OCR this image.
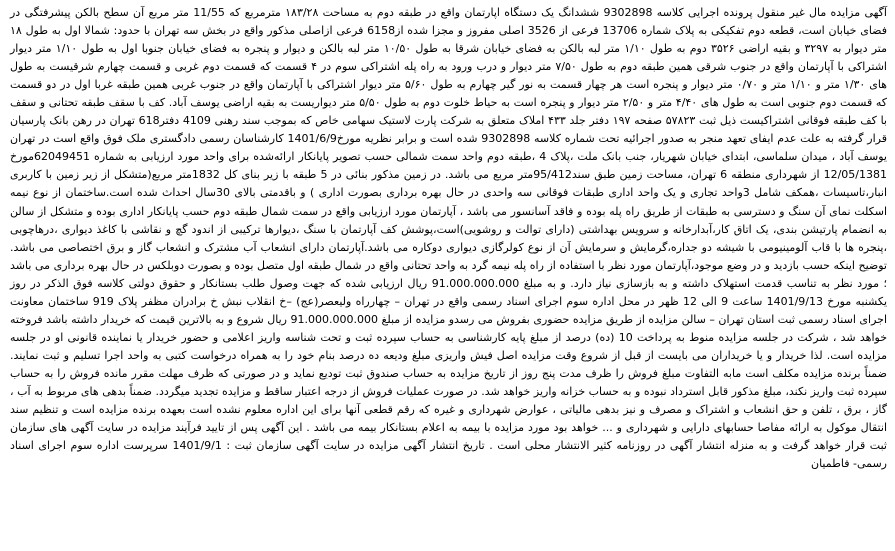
آگهی مزایده مال غیر منقول پرونده اجرایی کلاسه 9302898 ششدانگ یک دستگاه اپارتمان واقع در طبقه دوم به مساحت ۱۸۳/۲۸ مترمربع که 11/55 متر مربع آن سطح بالکن پیشرفتگی در فضای خیابان است، قطعه دوم تفکیکی به پلاک شماره 13706 فرعی از 3526 اصلی مفروز و مجزا شده از6158 فرعی ازاصلی مذکور واقع در بخش سه تهران با حدود: شمالا اول به طول ۱۸ متر دیوار به ۳۲۹۷ و بقیه اراضی ۳۵۲۶ دوم به طول ۱/۱۰ متر لبه بالکن به فضای خیابان شرقا به طول ۱۰/۵۰ متر لبه بالکن و دیوار و پنجره به فضای خیابان جنوبا اول به طول ۱/۱۰ متر دیوار اشتراکی با آپارتمان واقع در جنوب شرقی همین طبقه دوم به طول ۷/۵۰ متر دیوار و درب ورود به راه پله اشتراکی سوم در ۴ قسمت که قسمت دوم غربی و قسمت چهارم شرقیست به طول های ۱/۳۰ متر و ۱/۱۰ متر و ۰/۷۰ متر دیوار و پنجره است هر چهار قسمت به نور گیر چهارم به طول ۵/۶۰ متر دیوار اشتراکی با آپارتمان واقع در جنوب غربی همین طبقه غربا اول در دو قسمت که قسمت دوم جنوبی است به طول های ۴/۴۰ متر و ۲/۵۰ متر دیوار و پنجره است به حیاط خلوت دوم به طول ۵/۵۰ متر دیواریست به بقیه اراضی یوسف آباد. کف با سقف طبقه تحتانی و سقف با کف طبقه فوقانی اشتراکیست ذیل ثبت ۵۷۸۲۳ صفحه ۱۹۷ دفتر جلد ۴۳۳ املاک متعلق به شرکت پارت لاستیک سهامی خاص که بموجب سند رهنی 4109 دفتر618 تهران در رهن بانک پارسیان قرار گرفته به علت عدم ایفای تعهد منجر به صدور اجرائیه تحت شماره کلاسه 9302898 شده است و برابر نظریه مورخ1401/6/9 کارشناسان رسمی دادگستری ملک فوق واقع است در تهران یوسف آباد ، میدان سلماسی، ابتدای خیابان شهریار، جنب بانک ملت ،پلاک 4 ،طبقه دوم واحد سمت شمالی حسب تصویر پایانکار ارائه‌شده برای واحد مورد ارزیابی به شماره 62049451مورخ 12/05/1381 از شهرداری منطقه 6 تهران، مساحت زمین طبق سند95/412متر مربع می باشد. در زمین مذکور بنائی در 5 طبقه با زیر بنای کل 1832متر مربع(متشکل از زیر زمین با کاربری انبار،تاسیسات ،همکف شامل 3واحد تجاری و یک واحد اداری طبقات فوقانی سه واحدی در حال بهره برداری بصورت اداری ) و باقدمتی بالای 30سال احداث شده است.ساختمان از نوع نیمه اسکلت نمای آن سنگ و دسترسی به طبقات از طریق راه پله بوده و فاقد آسانسور می باشد ، آپارتمان مورد ارزیابی واقع در سمت شمال طبقه دوم حسب پایانکار اداری بوده و متشکل از سالن به انضمام پارتیشن بندی، یک اتاق کار،آبدارخانه و سرویس بهداشتی (دارای توالت و روشویی)است،پوشش کف آپارتمان با سنگ ،دیوارها ترکیبی از اندود گچ و نقاشی با کاغذ دیواری ،درهاچوبی ،پنجره ها با قاب آلومینیومی با شیشه دو جداره،گرمایش و سرمایش آن از نوع کولرگازی دیواری دوکاره می باشد.آپارتمان دارای انشعاب آب مشترک و انشعاب گاز و برق اختصاصی می باشد. توضیح اینکه حسب بازدید و در وضع موجود،آپارتمان مورد نظر با استفاده از راه پله نیمه گرد به واحد تحتانی واقع در شمال طبقه اول متصل بوده و بصورت دوبلکس در حال بهره برداری می باشد ؛ مورد نظر به تناسب قدمت استهلاک داشته و به بازسازی نیاز دارد. و به مبلغ 91.000.000.000 ریال ارزیابی شده که جهت وصول طلب بستانکار و حقوق دولتی کلاسه فوق الذکر در روز یکشنبه مورخ 1401/9/13 ساعت 9 الی 12 ظهر در محل اداره سوم اجرای اسناد رسمی واقع در تهران – چهارراه ولیعصر(عج) –خ انقلاب نبش خ برادران مظفر پلاک 919 ساختمان معاونت اجرای اسناد رسمی ثبت استان تهران – سالن مزایده از طریق مزایده حضوری بفروش می رسدو مزایده از مبلغ 91.000.000.000 ریال شروع و به بالاترین قیمت که خریدار داشته باشد فروخته خواهد شد ، شرکت در جلسه مزایده منوط به پرداخت 10 (ده) درصد از مبلغ پایه کارشناسی به حساب سپرده ثبت و تحت شناسه واریز اعلامی و حضور خریدار یا نماینده قانونی او در جلسه مزایده است. لذا خریدار و یا خریداران می بایست از قبل از شروع وقت مزایده اصل فیش واریزی مبلغ ودیعه ده درصد بنام خود را به همراه درخواست کتبی به واحد اجرا تسلیم و ثبت نمایند. ضمناً برنده مزایده مکلف است مابه التفاوت مبلغ فروش را ظرف مدت پنج روز از تاریخ مزایده به حساب صندوق ثبت تودیع نماید و در صورتی که ظرف مهلت مقرر مانده فروش را به حساب سپرده ثبت واریز نکند، مبلغ مذکور قابل استرداد نبوده و به حساب خزانه واریز خواهد شد. در صورت عملیات فروش از درجه اعتبار ساقط و مزایده تجدید میگردد. ضمناً بدهی های مربوط به آب ، گاز ، برق ، تلفن و حق انشعاب و اشتراک و مصرف و نیز بدهی مالیاتی ، عوارض شهرداری و غیره که رقم قطعی آنها برای این اداره معلوم نشده است بعهده برنده مزایده است و تنظیم سند انتقال موکول به ارائه مفاصا حسابهای دارایی و شهرداری و ... خواهد بود مورد مزایده با بیمه به اعلام بستانکار بیمه می باشد . این آگهی پس از تایید فرآیند مزایده در سایت آگهی های سازمان ثبت قرار خواهد گرفت و به منزله انتشار آگهی در روزنامه کثیر الانتشار محلی است . تاریخ انتشار آگهی مزایده در سایت آگهی سازمان ثبت : 1401/9/1 سرپرست اداره سوم اجرای اسناد رسمی- فاطمیان
